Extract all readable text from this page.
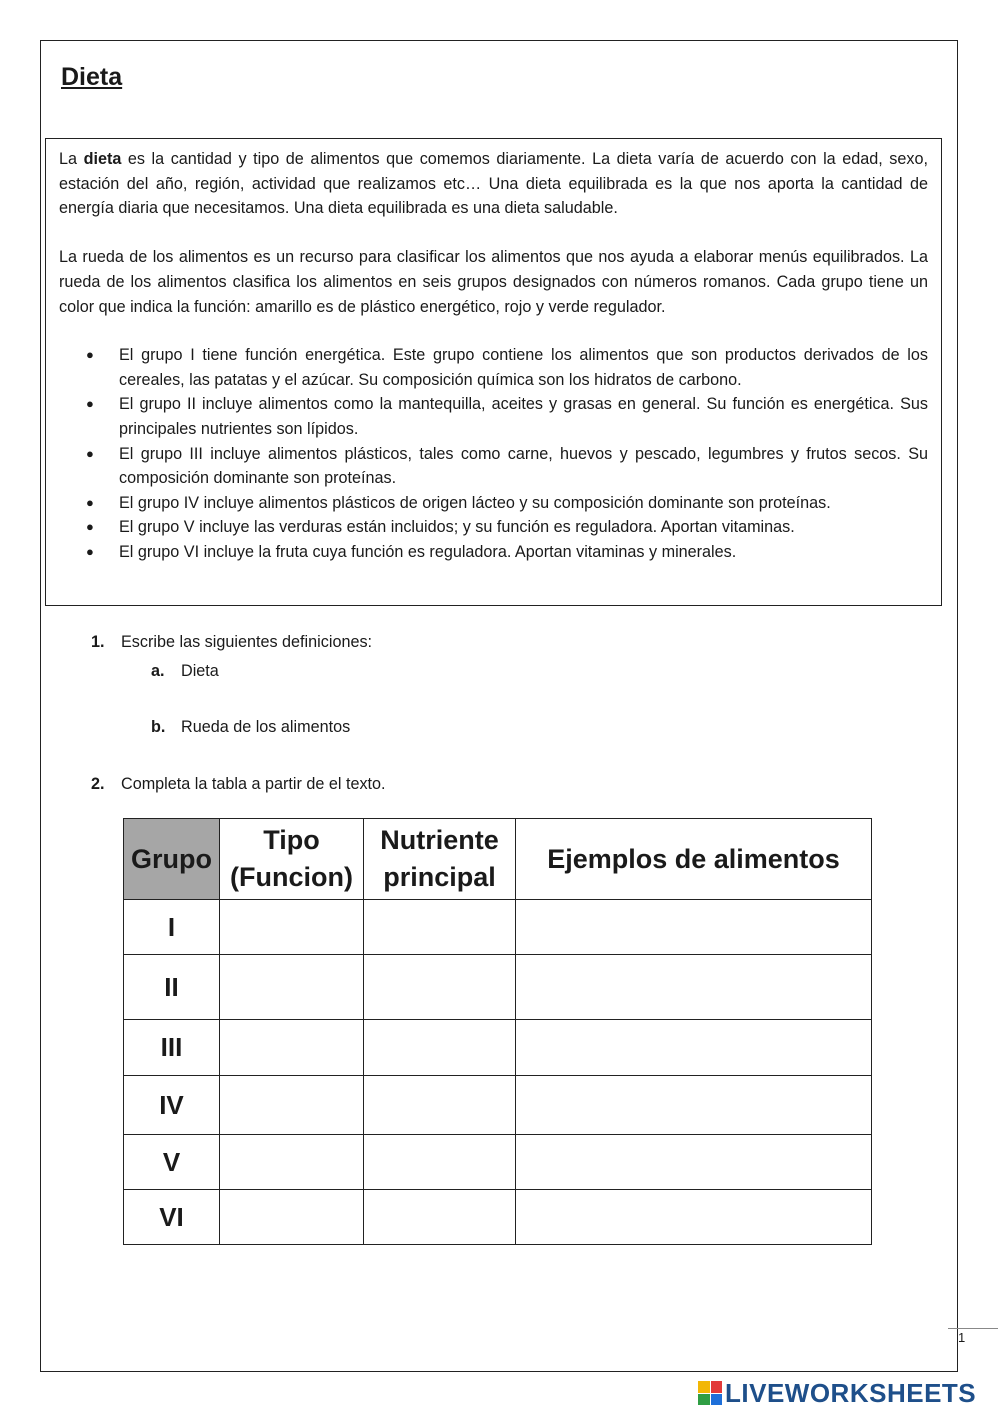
Dieta

La dieta es la cantidad y tipo de alimentos que comemos diariamente. La dieta varía de acuerdo con la edad, sexo, estación del año, región, actividad que realizamos etc… Una dieta equilibrada es la que nos aporta la cantidad de energía diaria que necesitamos. Una dieta equilibrada es una dieta saludable.

La rueda de los alimentos es un recurso para clasificar los alimentos que nos ayuda a elaborar menús equilibrados. La rueda de los alimentos clasifica los alimentos en seis grupos designados con números romanos. Cada grupo tiene un color que indica la función: amarillo es de plástico energético, rojo y verde regulador.

● El grupo I tiene función energética. Este grupo contiene los alimentos que son productos derivados de los cereales, las patatas y el azúcar. Su composición química son los hidratos de carbono.
● El grupo II incluye alimentos como la mantequilla, aceites y grasas en general. Su función es energética. Sus principales nutrientes son lípidos.
● El grupo III incluye alimentos plásticos, tales como carne, huevos y pescado, legumbres y frutos secos. Su composición dominante son proteínas.
● El grupo IV incluye alimentos plásticos de origen lácteo y su composición dominante son proteínas.
● El grupo V incluye las verduras están incluidos; y su función es reguladora. Aportan vitaminas.
● El grupo VI incluye la fruta cuya función es reguladora. Aportan vitaminas y minerales.
1. Escribe las siguientes definiciones:
a. Dieta
b. Rueda de los alimentos
2. Completa la tabla a partir de el texto.
Grupo	Tipo (Funcion)	Nutriente principal	Ejemplos de alimentos
I			
II			
III			
IV			
V			
VI			
1
LIVEWORKSHEETS
